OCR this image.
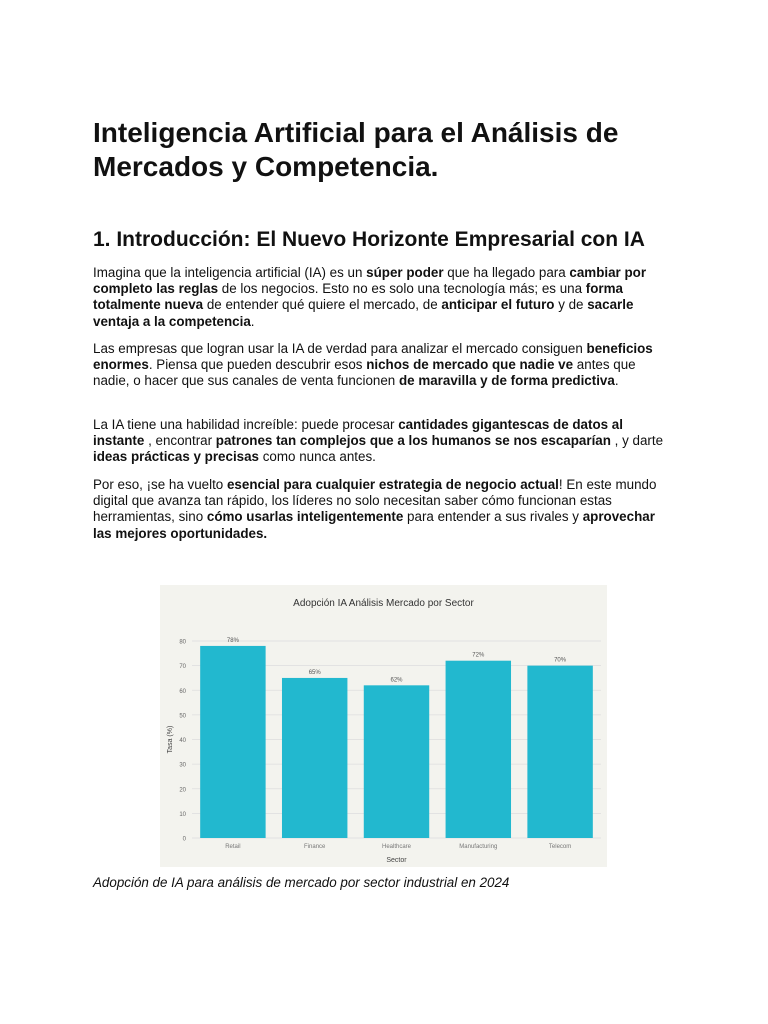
Inteligencia Artificial para el Análisis de Mercados y Competencia.
1. Introducción: El Nuevo Horizonte Empresarial con IA

Imagina que la inteligencia artificial (IA) es un súper poder que ha llegado para cambiar por completo las reglas de los negocios. Esto no es solo una tecnología más; es una forma totalmente nueva de entender qué quiere el mercado, de anticipar el futuro y de sacarle ventaja a la competencia.

Las empresas que logran usar la IA de verdad para analizar el mercado consiguen beneficios enormes. Piensa que pueden descubrir esos nichos de mercado que nadie ve antes que nadie, o hacer que sus canales de venta funcionen de maravilla y de forma predictiva.

La IA tiene una habilidad increíble: puede procesar cantidades gigantescas de datos al instante , encontrar patrones tan complejos que a los humanos se nos escaparían , y darte ideas prácticas y precisas como nunca antes.

Por eso, ¡se ha vuelto esencial para cualquier estrategia de negocio actual! En este mundo digital que avanza tan rápido, los líderes no solo necesitan saber cómo funcionan estas herramientas, sino cómo usarlas inteligentemente para entender a sus rivales y aprovechar las mejores oportunidades.

Adopción IA Análisis Mercado por Sector
0
10
20
30
40
50
60
70
80	78%
Retail
65%
Finance
62%
Healthcare
72%
Manufacturing
70%
Telecom
Sector
Tasa (%)

Adopción de IA para análisis de mercado por sector industrial en 2024
